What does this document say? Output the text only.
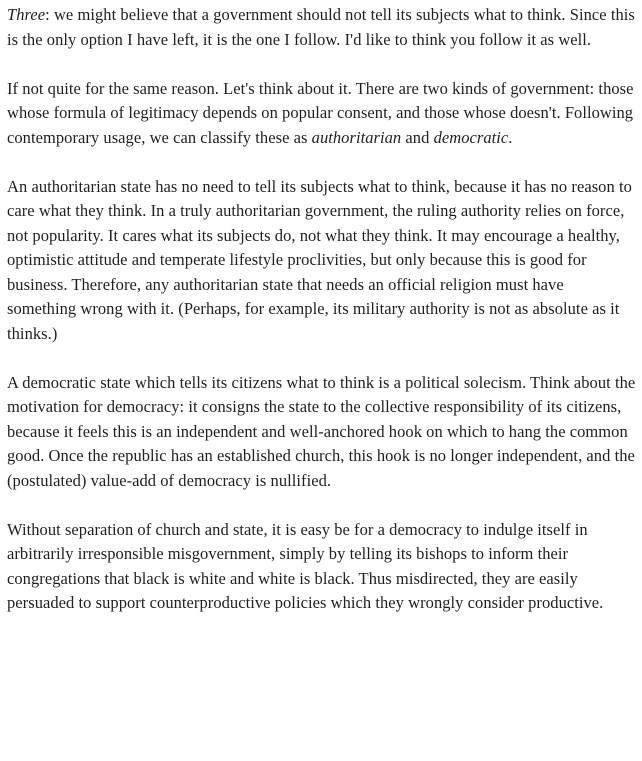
Three: we might believe that a government should not tell its subjects what to think. Since this is the only option I have left, it is the one I follow. I'd like to think you follow it as well.

If not quite for the same reason. Let's think about it. There are two kinds of government: those whose formula of legitimacy depends on popular consent, and those whose doesn't. Following contemporary usage, we can classify these as authoritarian and democratic.

An authoritarian state has no need to tell its subjects what to think, because it has no reason to care what they think. In a truly authoritarian government, the ruling authority relies on force, not popularity. It cares what its subjects do, not what they think. It may encourage a healthy, optimistic attitude and temperate lifestyle proclivities, but only because this is good for business. Therefore, any authoritarian state that needs an official religion must have something wrong with it. (Perhaps, for example, its military authority is not as absolute as it thinks.)

A democratic state which tells its citizens what to think is a political solecism. Think about the motivation for democracy: it consigns the state to the collective responsibility of its citizens, because it feels this is an independent and well-anchored hook on which to hang the common good. Once the republic has an established church, this hook is no longer independent, and the (postulated) value-add of democracy is nullified.

Without separation of church and state, it is easy be for a democracy to indulge itself in arbitrarily irresponsible misgovernment, simply by telling its bishops to inform their congregations that black is white and white is black. Thus misdirected, they are easily persuaded to support counterproductive policies which they wrongly consider productive.
